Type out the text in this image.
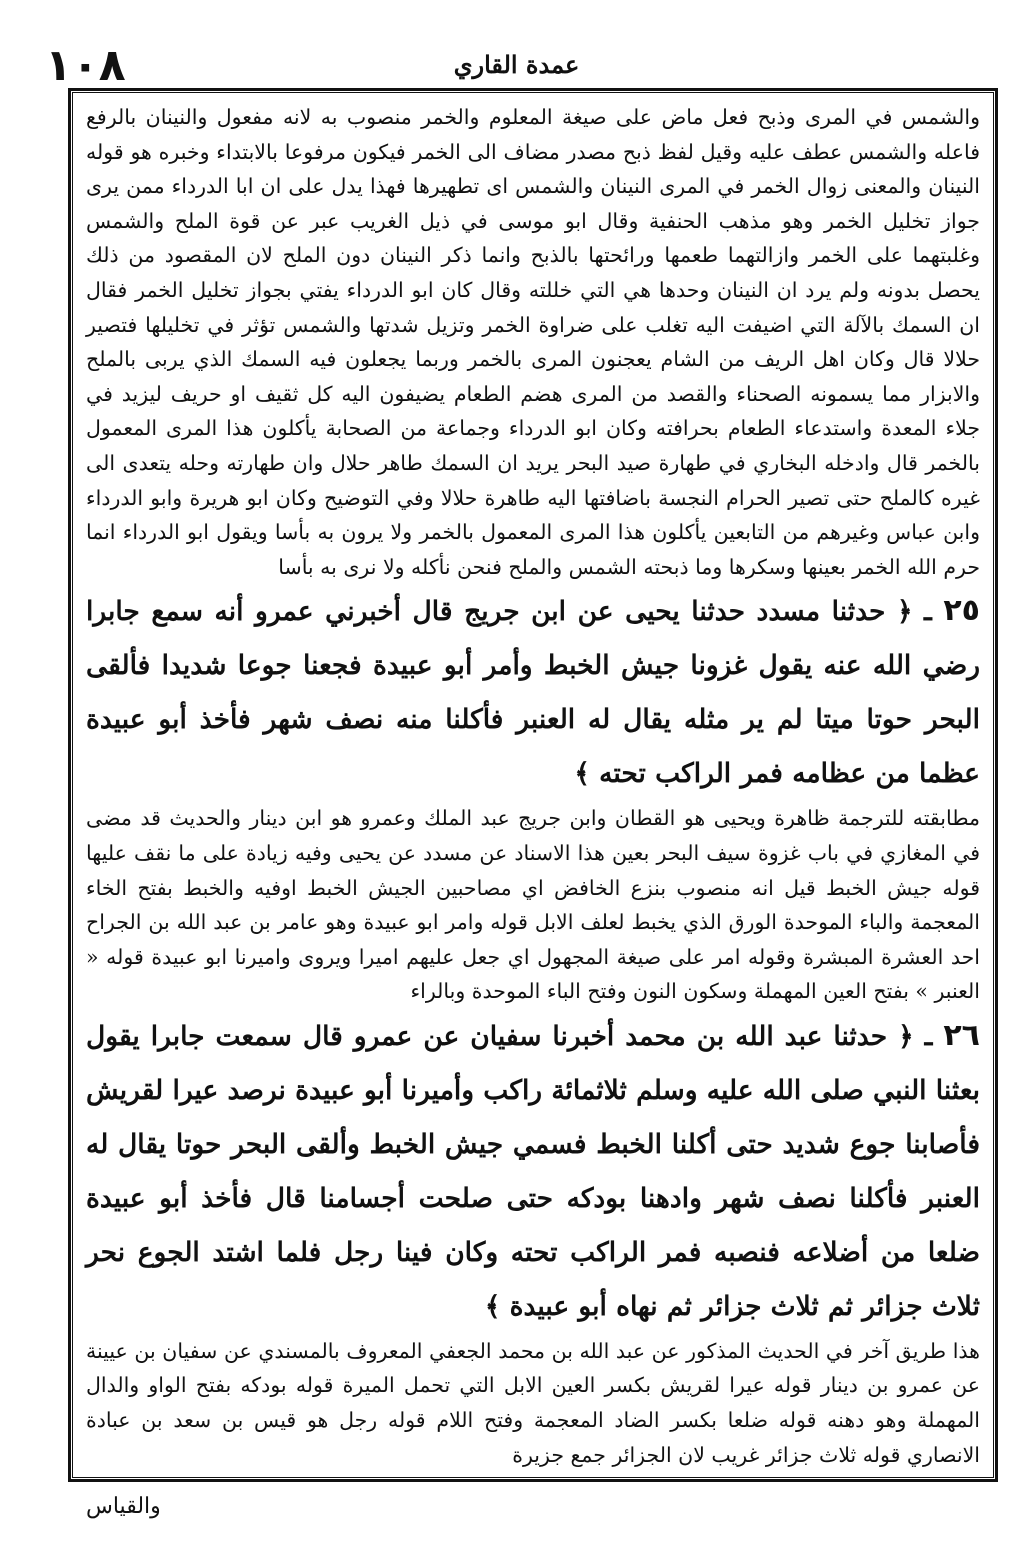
١٠٨	عمدة القاري

والشمس في المرى وذبح فعل ماض على صيغة المعلوم والخمر منصوب به لانه مفعول والنينان بالرفع فاعله والشمس عطف عليه وقيل لفظ ذبح مصدر مضاف الى الخمر فيكون مرفوعا بالابتداء وخبره هو قوله النينان والمعنى زوال الخمر في المرى النينان والشمس اى تطهيرها فهذا يدل على ان ابا الدرداء ممن يرى جواز تخليل الخمر وهو مذهب الحنفية وقال ابو موسى في ذيل الغريب عبر عن قوة الملح والشمس وغلبتهما على الخمر وازالتهما طعمها ورائحتها بالذبح وانما ذكر النينان دون الملح لان المقصود من ذلك يحصل بدونه ولم يرد ان النينان وحدها هي التي خللته وقال كان ابو الدرداء يفتي بجواز تخليل الخمر فقال ان السمك بالآلة التي اضيفت اليه تغلب على ضراوة الخمر وتزيل شدتها والشمس تؤثر في تخليلها فتصير حلالا قال وكان اهل الريف من الشام يعجنون المرى بالخمر وربما يجعلون فيه السمك الذي يربى بالملح والابزار مما يسمونه الصحناء والقصد من المرى هضم الطعام يضيفون اليه كل ثقيف او حريف ليزيد في جلاء المعدة واستدعاء الطعام بحرافته وكان ابو الدرداء وجماعة من الصحابة يأكلون هذا المرى المعمول بالخمر قال وادخله البخاري في طهارة صيد البحر يريد ان السمك طاهر حلال وان طهارته وحله يتعدى الى غيره كالملح حتى تصير الحرام النجسة باضافتها اليه طاهرة حلالا وفي التوضيح وكان ابو هريرة وابو الدرداء وابن عباس وغيرهم من التابعين يأكلون هذا المرى المعمول بالخمر ولا يرون به بأسا ويقول ابو الدرداء انما حرم الله الخمر بعينها وسكرها وما ذبحته الشمس والملح فنحن نأكله ولا نرى به بأسا

٢٥ ـ ﴿ حدثنا مسدد حدثنا يحيى عن ابن جريج قال أخبرني عمرو أنه سمع جابرا رضي الله عنه يقول غزونا جيش الخبط وأمر أبو عبيدة فجعنا جوعا شديدا فألقى البحر حوتا ميتا لم ير مثله يقال له العنبر فأكلنا منه نصف شهر فأخذ أبو عبيدة عظما من عظامه فمر الراكب تحته ﴾

مطابقته للترجمة ظاهرة ويحيى هو القطان وابن جريج عبد الملك وعمرو هو ابن دينار والحديث قد مضى في المغازي في باب غزوة سيف البحر بعين هذا الاسناد عن مسدد عن يحيى وفيه زيادة على ما نقف عليها قوله جيش الخبط قيل انه منصوب بنزع الخافض اي مصاحبين الجيش الخبط اوفيه والخبط بفتح الخاء المعجمة والباء الموحدة الورق الذي يخبط لعلف الابل قوله وامر ابو عبيدة وهو عامر بن عبد الله بن الجراح احد العشرة المبشرة وقوله امر على صيغة المجهول اي جعل عليهم اميرا ويروى واميرنا ابو عبيدة قوله « العنبر » بفتح العين المهملة وسكون النون وفتح الباء الموحدة وبالراء

٢٦ ـ ﴿ حدثنا عبد الله بن محمد أخبرنا سفيان عن عمرو قال سمعت جابرا يقول بعثنا النبي صلى الله عليه وسلم ثلاثمائة راكب وأميرنا أبو عبيدة نرصد عيرا لقريش فأصابنا جوع شديد حتى أكلنا الخبط فسمي جيش الخبط وألقى البحر حوتا يقال له العنبر فأكلنا نصف شهر وادهنا بودكه حتى صلحت أجسامنا قال فأخذ أبو عبيدة ضلعا من أضلاعه فنصبه فمر الراكب تحته وكان فينا رجل فلما اشتد الجوع نحر ثلاث جزائر ثم ثلاث جزائر ثم نهاه أبو عبيدة ﴾

هذا طريق آخر في الحديث المذكور عن عبد الله بن محمد الجعفي المعروف بالمسندي عن سفيان بن عيينة عن عمرو بن دينار قوله عيرا لقريش بكسر العين الابل التي تحمل الميرة قوله بودكه بفتح الواو والدال المهملة وهو دهنه قوله ضلعا بكسر الضاد المعجمة وفتح اللام قوله رجل هو قيس بن سعد بن عبادة الانصاري قوله ثلاث جزائر غريب لان الجزائر جمع جزيرة

والقياس
